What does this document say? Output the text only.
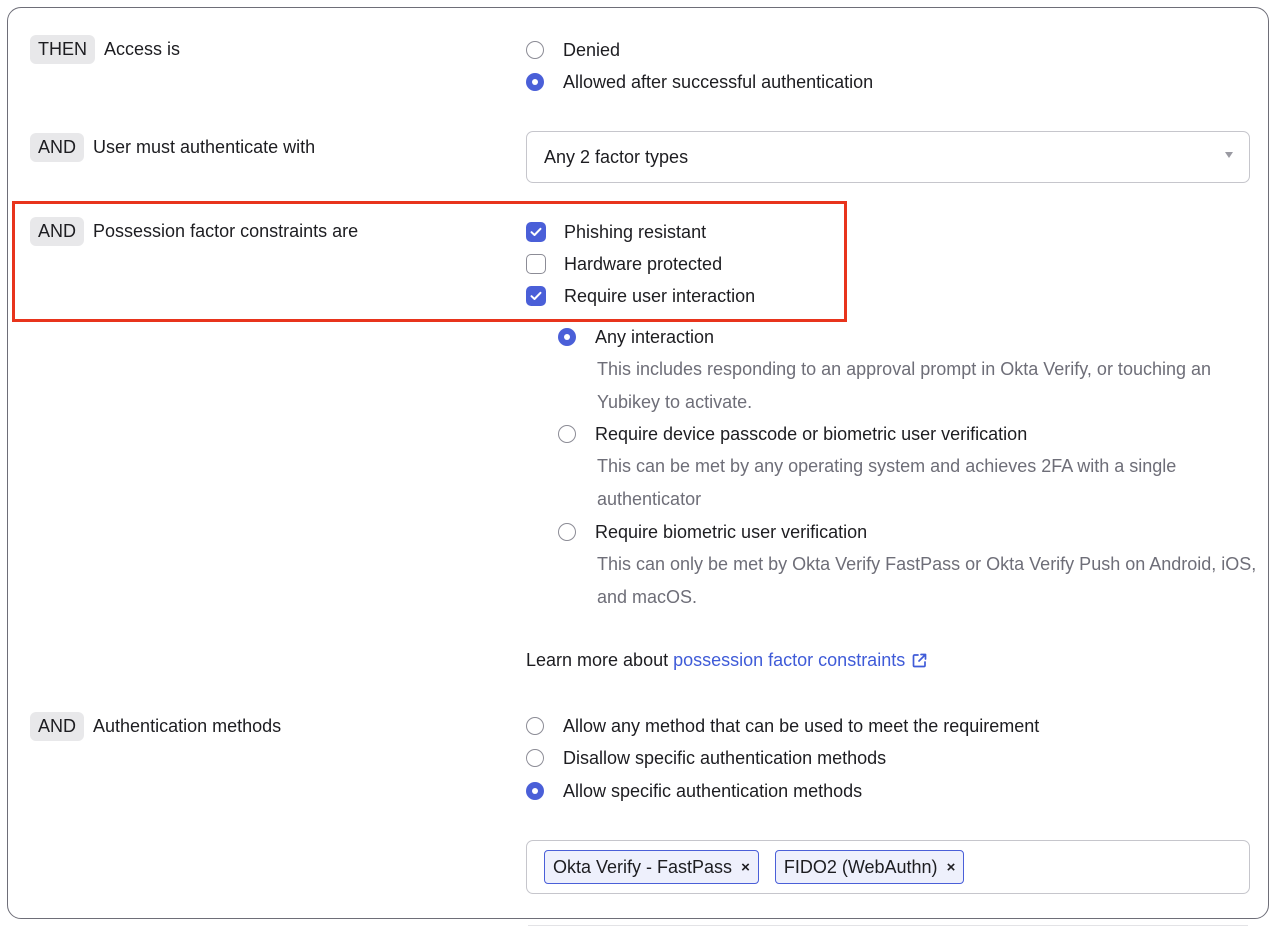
THEN Access is	Denied
Allowed after successful authentication
AND User must authenticate with	Any 2 factor types
AND Possession factor constraints are	Phishing resistant
Hardware protected
Require user interaction
Any interaction
This includes responding to an approval prompt in Okta Verify, or touching an Yubikey to activate.
Require device passcode or biometric user verification
This can be met by any operating system and achieves 2FA with a single authenticator
Require biometric user verification
This can only be met by Okta Verify FastPass or Okta Verify Push on Android, iOS, and macOS.
Learn more about possession factor constraints
AND Authentication methods	Allow any method that can be used to meet the requirement
Disallow specific authentication methods
Allow specific authentication methods
Okta Verify - FastPass × FIDO2 (WebAuthn) ×
